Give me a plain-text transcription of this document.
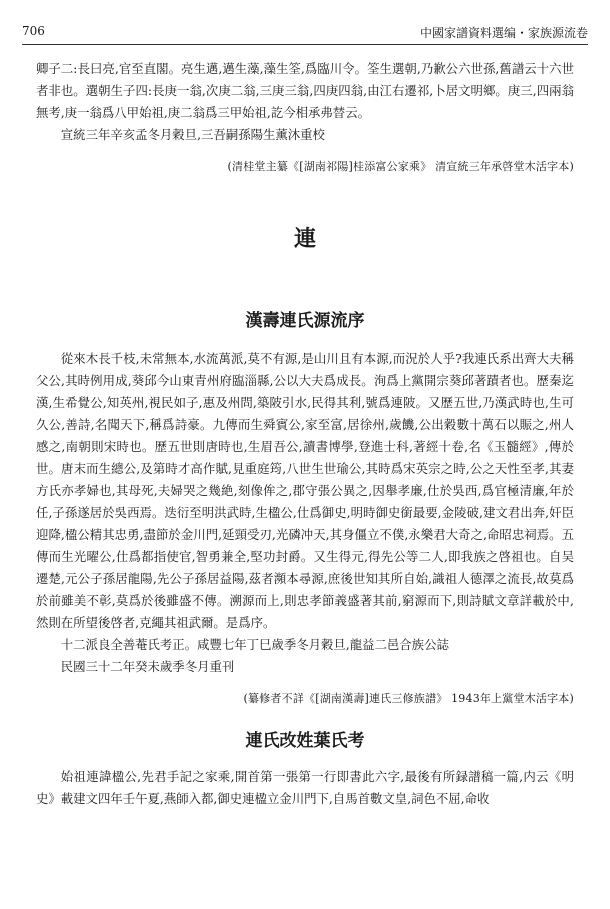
706	中國家譜資料選编・家族源流卷

卿子二:長曰亮,官至直閣。亮生邁,邁生藻,藻生筌,爲臨川令。筌生選朝,乃歉公六世孫,舊譜云十六世者非也。選朝生子四:長庚一翁,次庚二翁,三庚三翁,四庚四翁,由江右遷祁,卜居文明鄉。庚三,四兩翁無考,庚一翁爲八甲始祖,庚二翁爲三甲始祖,訖今相承弗替云。

宣統三年辛亥孟冬月穀旦,三吾嗣孫陽生薰沐重校

(清桂堂主纂《[湖南祁陽]桂添富公家乘》 清宣統三年承啓堂木活字本)

連
漢壽連氏源流序

從來木長千枝,未常無本,水流萬派,莫不有源,是山川且有本源,而況於人乎?我連氏系出齊大夫稱父公,其時例用成,葵邱今山東青州府臨淄縣,公以大夫爲成長。洵爲上黨開宗葵邱著蹟者也。歷秦迄漢,生希覺公,知英州,視民如子,惠及州問,築陂引水,民得其利,號爲連陂。又歷五世,乃漢武時也,生可久公,善詩,名聞天下,稱爲詩豪。九傳而生舜賓公,家至富,居徐州,歲饑,公出穀數十萬石以賑之,州人感之,南朝則宋時也。歷五世則唐時也,生眉吾公,讀書博學,登進士科,著經十卷,名《玉髓經》,傳於世。唐末而生總公,及第時才高作賦,見重庭筠,八世生世瑜公,其時爲宋英宗之時,公之天性至孝,其妻方氏亦孝婦也,其母死,夫婦哭之幾絶,刻像侔之,郡守張公異之,因舉孝廉,仕於吳西,爲官極清廉,年於任,子孫遂居於吳西焉。迭衍至明洪武時,生楹公,仕爲御史,明時御史銜最要,金陵破,建文君出奔,奸臣迎降,楹公精其忠勇,盡節於金川門,延頸受刃,光磷冲天,其身僵立不僕,永樂君大奇之,命昭忠祠焉。五傳而生光曜公,仕爲都指使官,智勇兼全,堅功封爵。又生得元,得先公等二人,即我族之啓祖也。自吴遷楚,元公子孫居龍陽,先公子孫居益陽,茲者瀕本尋源,庶後世知其所自始,識祖人德澤之流長,故莫爲於前雖美不彰,莫爲於後雖盛不傳。溯源而上,則忠孝節義盛著其前,窮源而下,則詩賦文章詳載於中,然則在所望後啓者,克繩其祖武爾。是爲序。

十二派良全善菴氏考正。咸豐七年丁巳歲季冬月穀旦,龍益二邑合族公誌

民國三十二年癸未歲季冬月重刊

(纂修者不詳《[湖南漢壽]連氏三修族譜》 1943年上黨堂木活字本)

連氏改姓葉氏考

始祖連諱楹公,先君手記之家乘,開首第一張第一行即書此六字,最後有所録譜稿一篇,内云《明史》載建文四年壬午夏,燕師入都,御史連楹立金川門下,自馬首數文皇,詞色不屈,命收
